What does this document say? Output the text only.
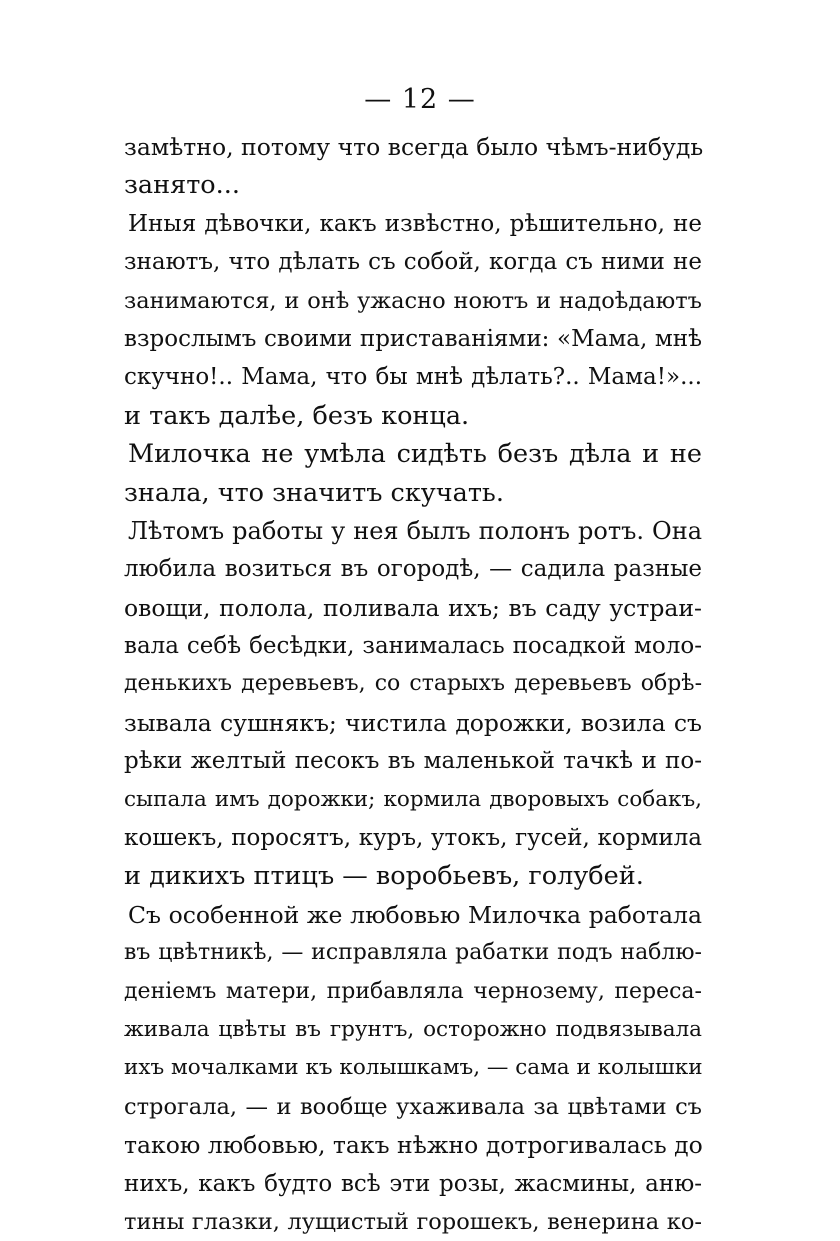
— 12 —
замѣтно, потому что всегда было чѣмъ-нибудь
занято...
Иныя дѣвочки, какъ извѣстно, рѣшительно, не
знаютъ, что дѣлать съ собой, когда съ ними не
занимаются, и онѣ ужасно ноютъ и надоѣдаютъ
взрослымъ своими приставаніями: «Мама, мнѣ
скучно!.. Мама, что бы мнѣ дѣлать?.. Мама!»...
и такъ далѣе, безъ конца.
Милочка не умѣла сидѣть безъ дѣла и не
знала, что значитъ скучать.
Лѣтомъ работы у нея былъ полонъ ротъ. Она
любила возиться въ огородѣ, — садила разные
овощи, полола, поливала ихъ; въ саду устраи-
вала себѣ бесѣдки, занималась посадкой моло-
денькихъ деревьевъ, со старыхъ деревьевъ обрѣ-
зывала сушнякъ; чистила дорожки, возила съ
рѣки желтый песокъ въ маленькой тачкѣ и по-
сыпала имъ дорожки; кормила дворовыхъ собакъ,
кошекъ, поросятъ, куръ, утокъ, гусей, кормила
и дикихъ птицъ — воробьевъ, голубей.
Съ особенной же любовью Милочка работала
въ цвѣтникѣ, — исправляла рабатки подъ наблю-
деніемъ матери, прибавляла чернозему, переса-
живала цвѣты въ грунтъ, осторожно подвязывала
ихъ мочалками къ колышкамъ, — сама и колышки
строгала, — и вообще ухаживала за цвѣтами съ
такою любовью, такъ нѣжно дотрогивалась до
нихъ, какъ будто всѣ эти розы, жасмины, аню-
тины глазки, лущистый горошекъ, венерина ко-
